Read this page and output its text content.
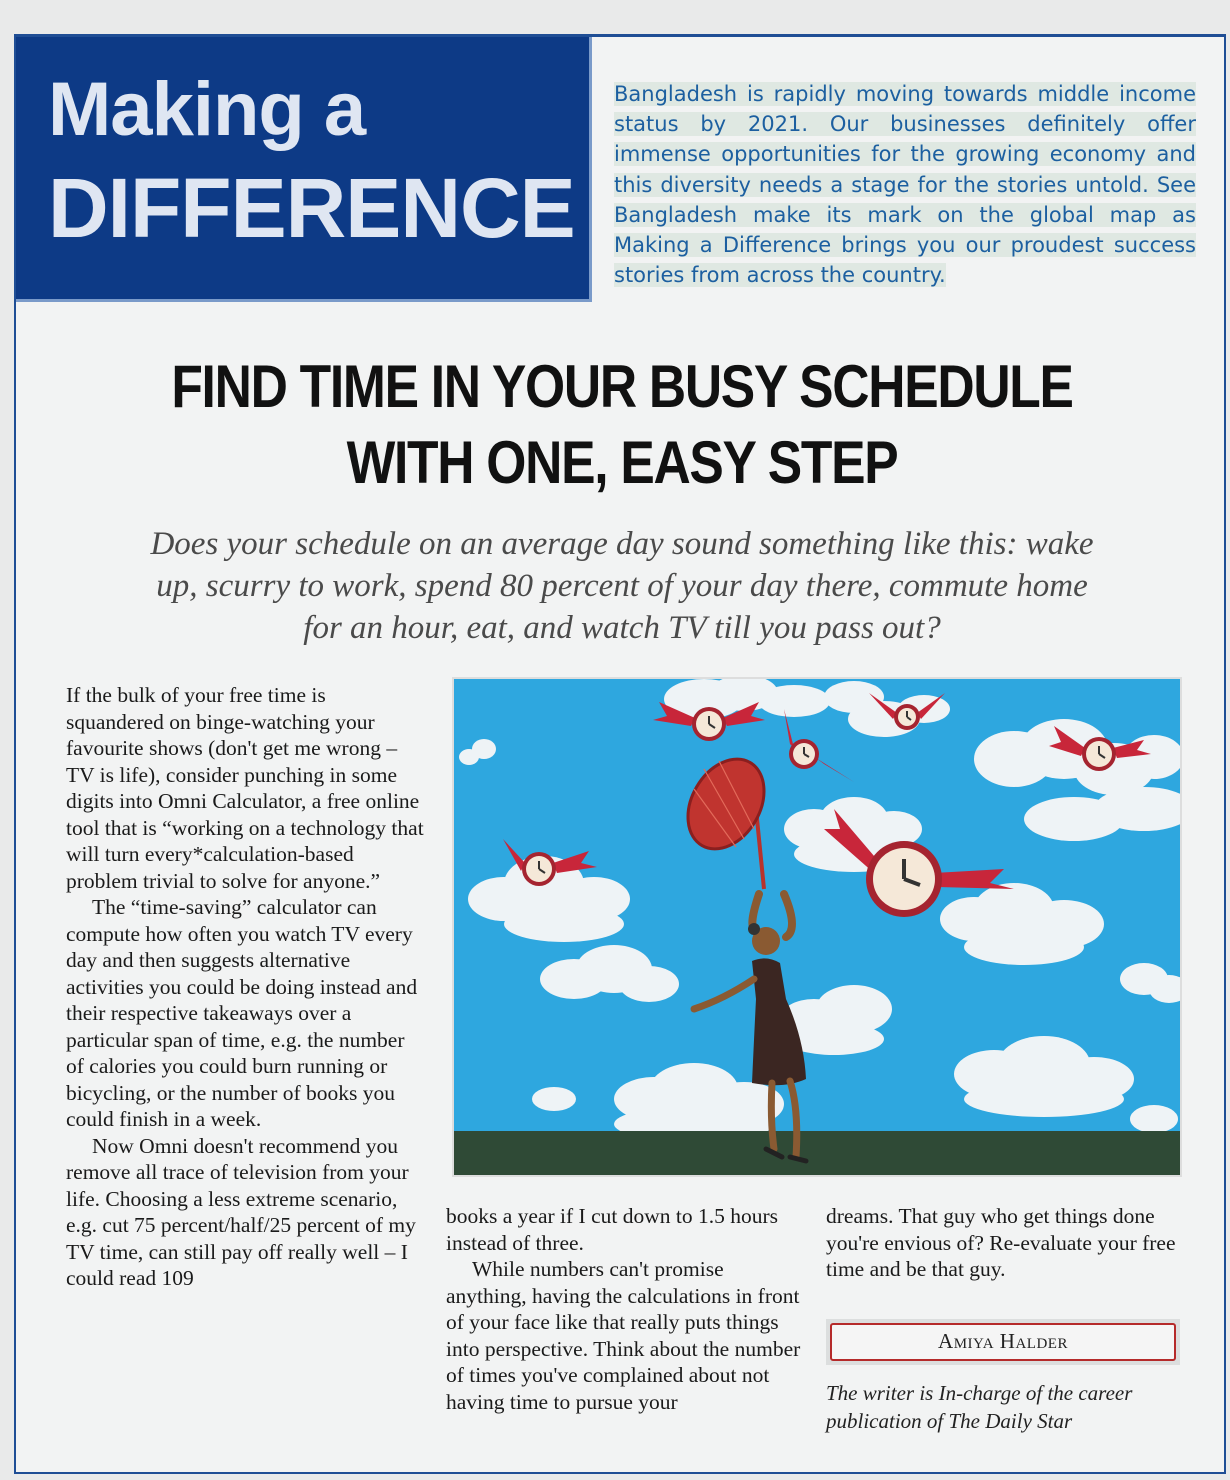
Making a
DIFFERENCE
Bangladesh is rapidly moving towards middle income status by 2021. Our businesses definitely offer immense opportunities for the growing economy and this diversity needs a stage for the stories untold. See Bangladesh make its mark on the global map as Making a Difference brings you our proudest success stories from across the country.
FIND TIME IN YOUR BUSY SCHEDULE
WITH ONE, EASY STEP
Does your schedule on an average day sound something like this: wake up, scurry to work, spend 80 percent of your day there, commute home for an hour, eat, and watch TV till you pass out?

If the bulk of your free time is squandered on binge-watching your favourite shows (don't get me wrong – TV is life), consider punching in some digits into Omni Calculator, a free online tool that is “working on a technology that will turn every*calculation-based problem trivial to solve for anyone.”

The “time-saving” calculator can compute how often you watch TV every day and then suggests alternative activities you could be doing instead and their respective takeaways over a particular span of time, e.g. the number of calories you could burn running or bicycling, or the number of books you could finish in a week.

Now Omni doesn't recommend you remove all trace of television from your life. Choosing a less extreme scenario, e.g. cut 75 percent/half/25 percent of my TV time, can still pay off really well – I could read 109

books a year if I cut down to 1.5 hours instead of three.

While numbers can't promise anything, having the calculations in front of your face like that really puts things into perspective. Think about the number of times you've complained about not having time to pursue your

dreams. That guy who get things done you're envious of? Re-evaluate your free time and be that guy.

Amiya Halder
The writer is In-charge of the career publication of The Daily Star
